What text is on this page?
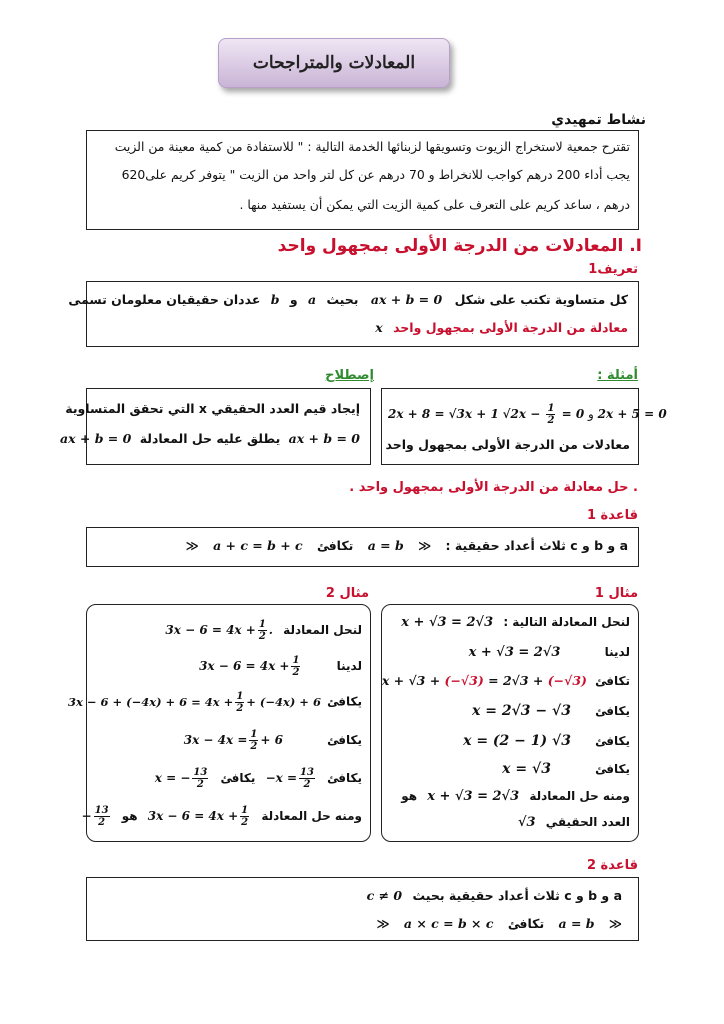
المعادلات والمتراجحات
نشاط تمهيدي
تقترح جمعية لاستخراج الزيوت وتسويقها لزبنائها الخدمة التالية : " للاستفادة من كمية معينة من الزيت
يجب أداء 200 درهم كواجب للانخراط و 70 درهم عن كل لتر واحد من الزيت " يتوفر كريم على620
درهم ، ساعد كريم على التعرف على كمية الزيت التي يمكن أن يستفيد منها .
I. المعادلات من الدرجة الأولى بمجهول واحد
تعريف1
كل متساوية تكتب على شكل ax + b = 0 بحيث a و b عددان حقيقيان معلومان تسمى
معادلة من الدرجة الأولى بمجهول واحد x
أمثلة :
إصطلاح
2x + 8 = √3x + 1 $√2x - \frac{1}{2} = 0$ و 2x + 5 = 0
معادلات من الدرجة الأولى بمجهول واحد
إيجاد قيم العدد الحقيقي x التي تحقق المتساوية
ax + b = 0 يطلق عليه حل المعادلة ax + b = 0
. حل معادلة من الدرجة الأولى بمجهول واحد .
قاعدة 1
a و b و c ثلاث أعداد حقيقية : ≪ a = b تكافئ a + c = b + c ≪
مثال 1
مثال 2
لنحل المعادلة التالية : x + √3 = 2√3
لدينا x + √3 = 2√3
تكافئ x + √3 + (−√3) = 2√3 + (−√3)
يكافئ x = 2√3 − √3
يكافئ x = (2 − 1) √3
يكافئ x = √3
ومنه حل المعادلة x + √3 = 2√3 هو
العدد الحقيقي √3
لنحل المعادلة $3x - 6 = 4x + \frac{1}{2}$ .
لدينا $3x - 6 = 4x + \frac{1}{2}$
يكافئ $3x - 6 + (-4x) + 6 = 4x + \frac{1}{2} + (-4x) + 6$
يكافئ $3x - 4x = \frac{1}{2} + 6$
يكافئ $-x = \frac{13}{2}$
يكافئ x = − $\frac{13}{2}$
ومنه حل المعادلة $3x - 6 = 4x + \frac{1}{2}$
هو − $\frac{13}{2}$
قاعدة 2
a و b و c ثلاث أعداد حقيقية بحيث c ≠ 0
≪ a = b تكافئ a × c = b × c ≪
